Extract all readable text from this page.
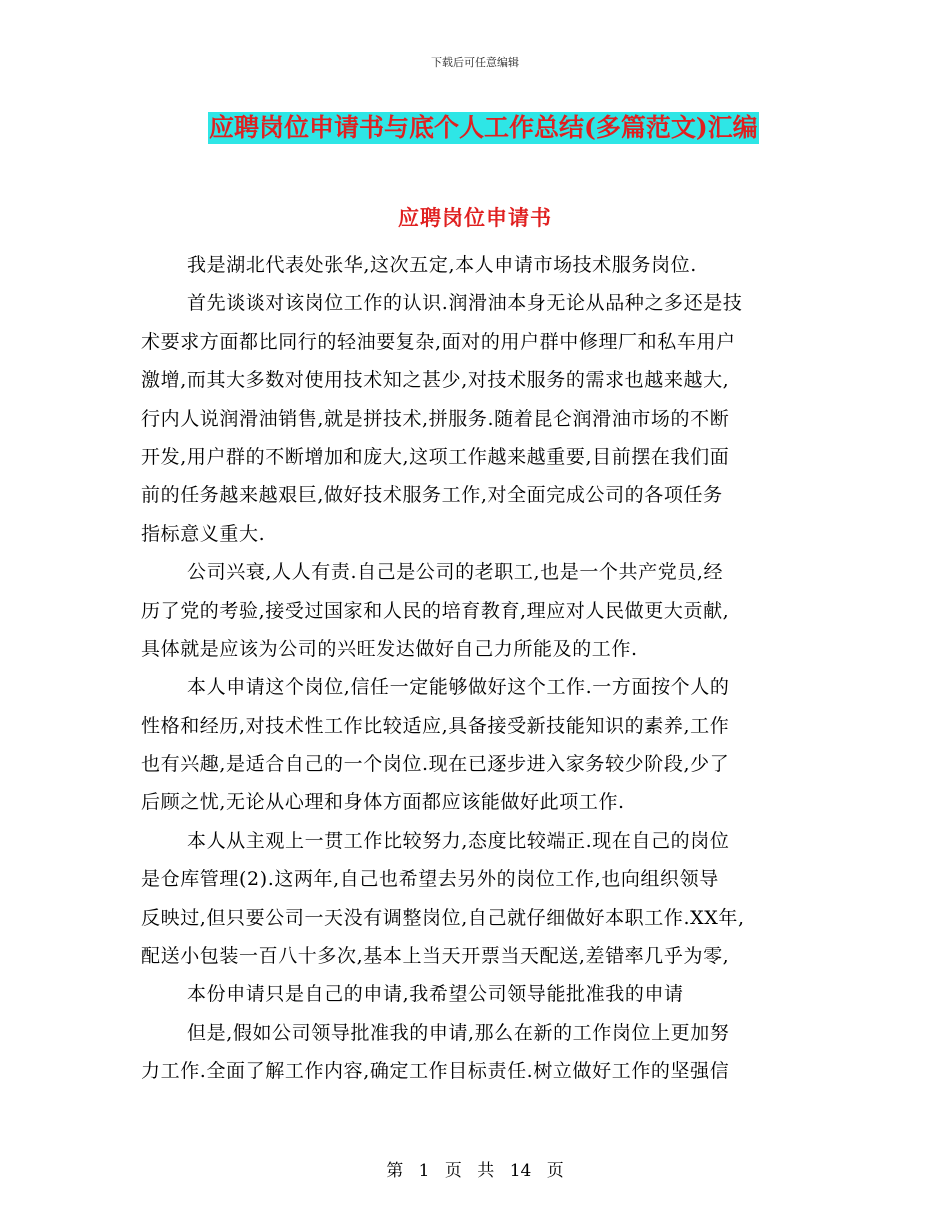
下载后可任意编辑
应聘岗位申请书与底个人工作总结(多篇范文)汇编
应聘岗位申请书
我是湖北代表处张华,这次五定,本人申请市场技术服务岗位.
首先谈谈对该岗位工作的认识.润滑油本身无论从品种之多还是技
术要求方面都比同行的轻油要复杂,面对的用户群中修理厂和私车用户
激增,而其大多数对使用技术知之甚少,对技术服务的需求也越来越大,
行内人说润滑油销售,就是拼技术,拼服务.随着昆仑润滑油市场的不断
开发,用户群的不断增加和庞大,这项工作越来越重要,目前摆在我们面
前的任务越来越艰巨,做好技术服务工作,对全面完成公司的各项任务
指标意义重大.
公司兴衰,人人有责.自己是公司的老职工,也是一个共产党员,经
历了党的考验,接受过国家和人民的培育教育,理应对人民做更大贡献,
具体就是应该为公司的兴旺发达做好自己力所能及的工作.
本人申请这个岗位,信任一定能够做好这个工作.一方面按个人的
性格和经历,对技术性工作比较适应,具备接受新技能知识的素养,工作
也有兴趣,是适合自己的一个岗位.现在已逐步进入家务较少阶段,少了
后顾之忧,无论从心理和身体方面都应该能做好此项工作.
本人从主观上一贯工作比较努力,态度比较端正.现在自己的岗位
是仓库管理(2).这两年,自己也希望去另外的岗位工作,也向组织领导
反映过,但只要公司一天没有调整岗位,自己就仔细做好本职工作.XX年,
配送小包装一百八十多次,基本上当天开票当天配送,差错率几乎为零,
本份申请只是自己的申请,我希望公司领导能批准我的申请
但是,假如公司领导批准我的申请,那么在新的工作岗位上更加努
力工作.全面了解工作内容,确定工作目标责任.树立做好工作的坚强信
第 1 页 共 14 页
